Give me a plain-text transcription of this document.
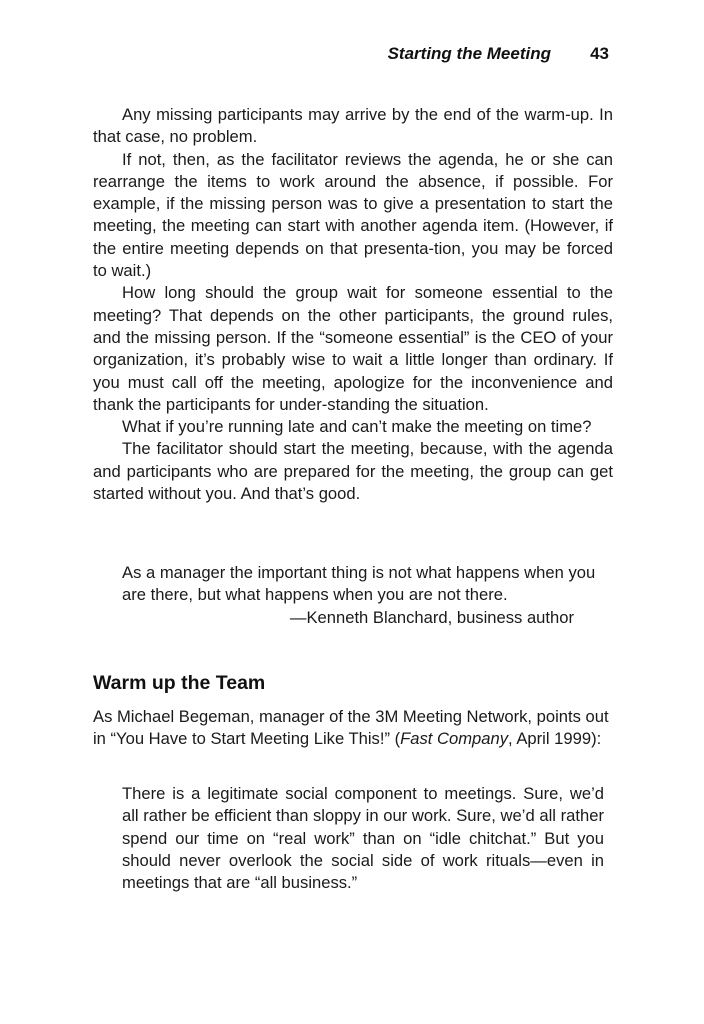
Starting the Meeting 43

Any missing participants may arrive by the end of the warm-up. In that case, no problem.

If not, then, as the facilitator reviews the agenda, he or she can rearrange the items to work around the absence, if possible. For example, if the missing person was to give a presentation to start the meeting, the meeting can start with another agenda item. (However, if the entire meeting depends on that presenta-tion, you may be forced to wait.)

How long should the group wait for someone essential to the meeting? That depends on the other participants, the ground rules, and the missing person. If the “someone essential” is the CEO of your organization, it’s probably wise to wait a little longer than ordinary. If you must call off the meeting, apologize for the inconvenience and thank the participants for under-standing the situation.

What if you’re running late and can’t make the meeting on time?

The facilitator should start the meeting, because, with the agenda and participants who are prepared for the meeting, the group can get started without you. And that’s good.

As a manager the important thing is not what happens when you are there, but what happens when you are not there.

—Kenneth Blanchard, business author

Warm up the Team

As Michael Begeman, manager of the 3M Meeting Network, points out in “You Have to Start Meeting Like This!” (Fast Company, April 1999):

There is a legitimate social component to meetings. Sure, we’d all rather be efficient than sloppy in our work. Sure, we’d all rather spend our time on “real work” than on “idle chitchat.” But you should never overlook the social side of work rituals—even in meetings that are “all business.”
